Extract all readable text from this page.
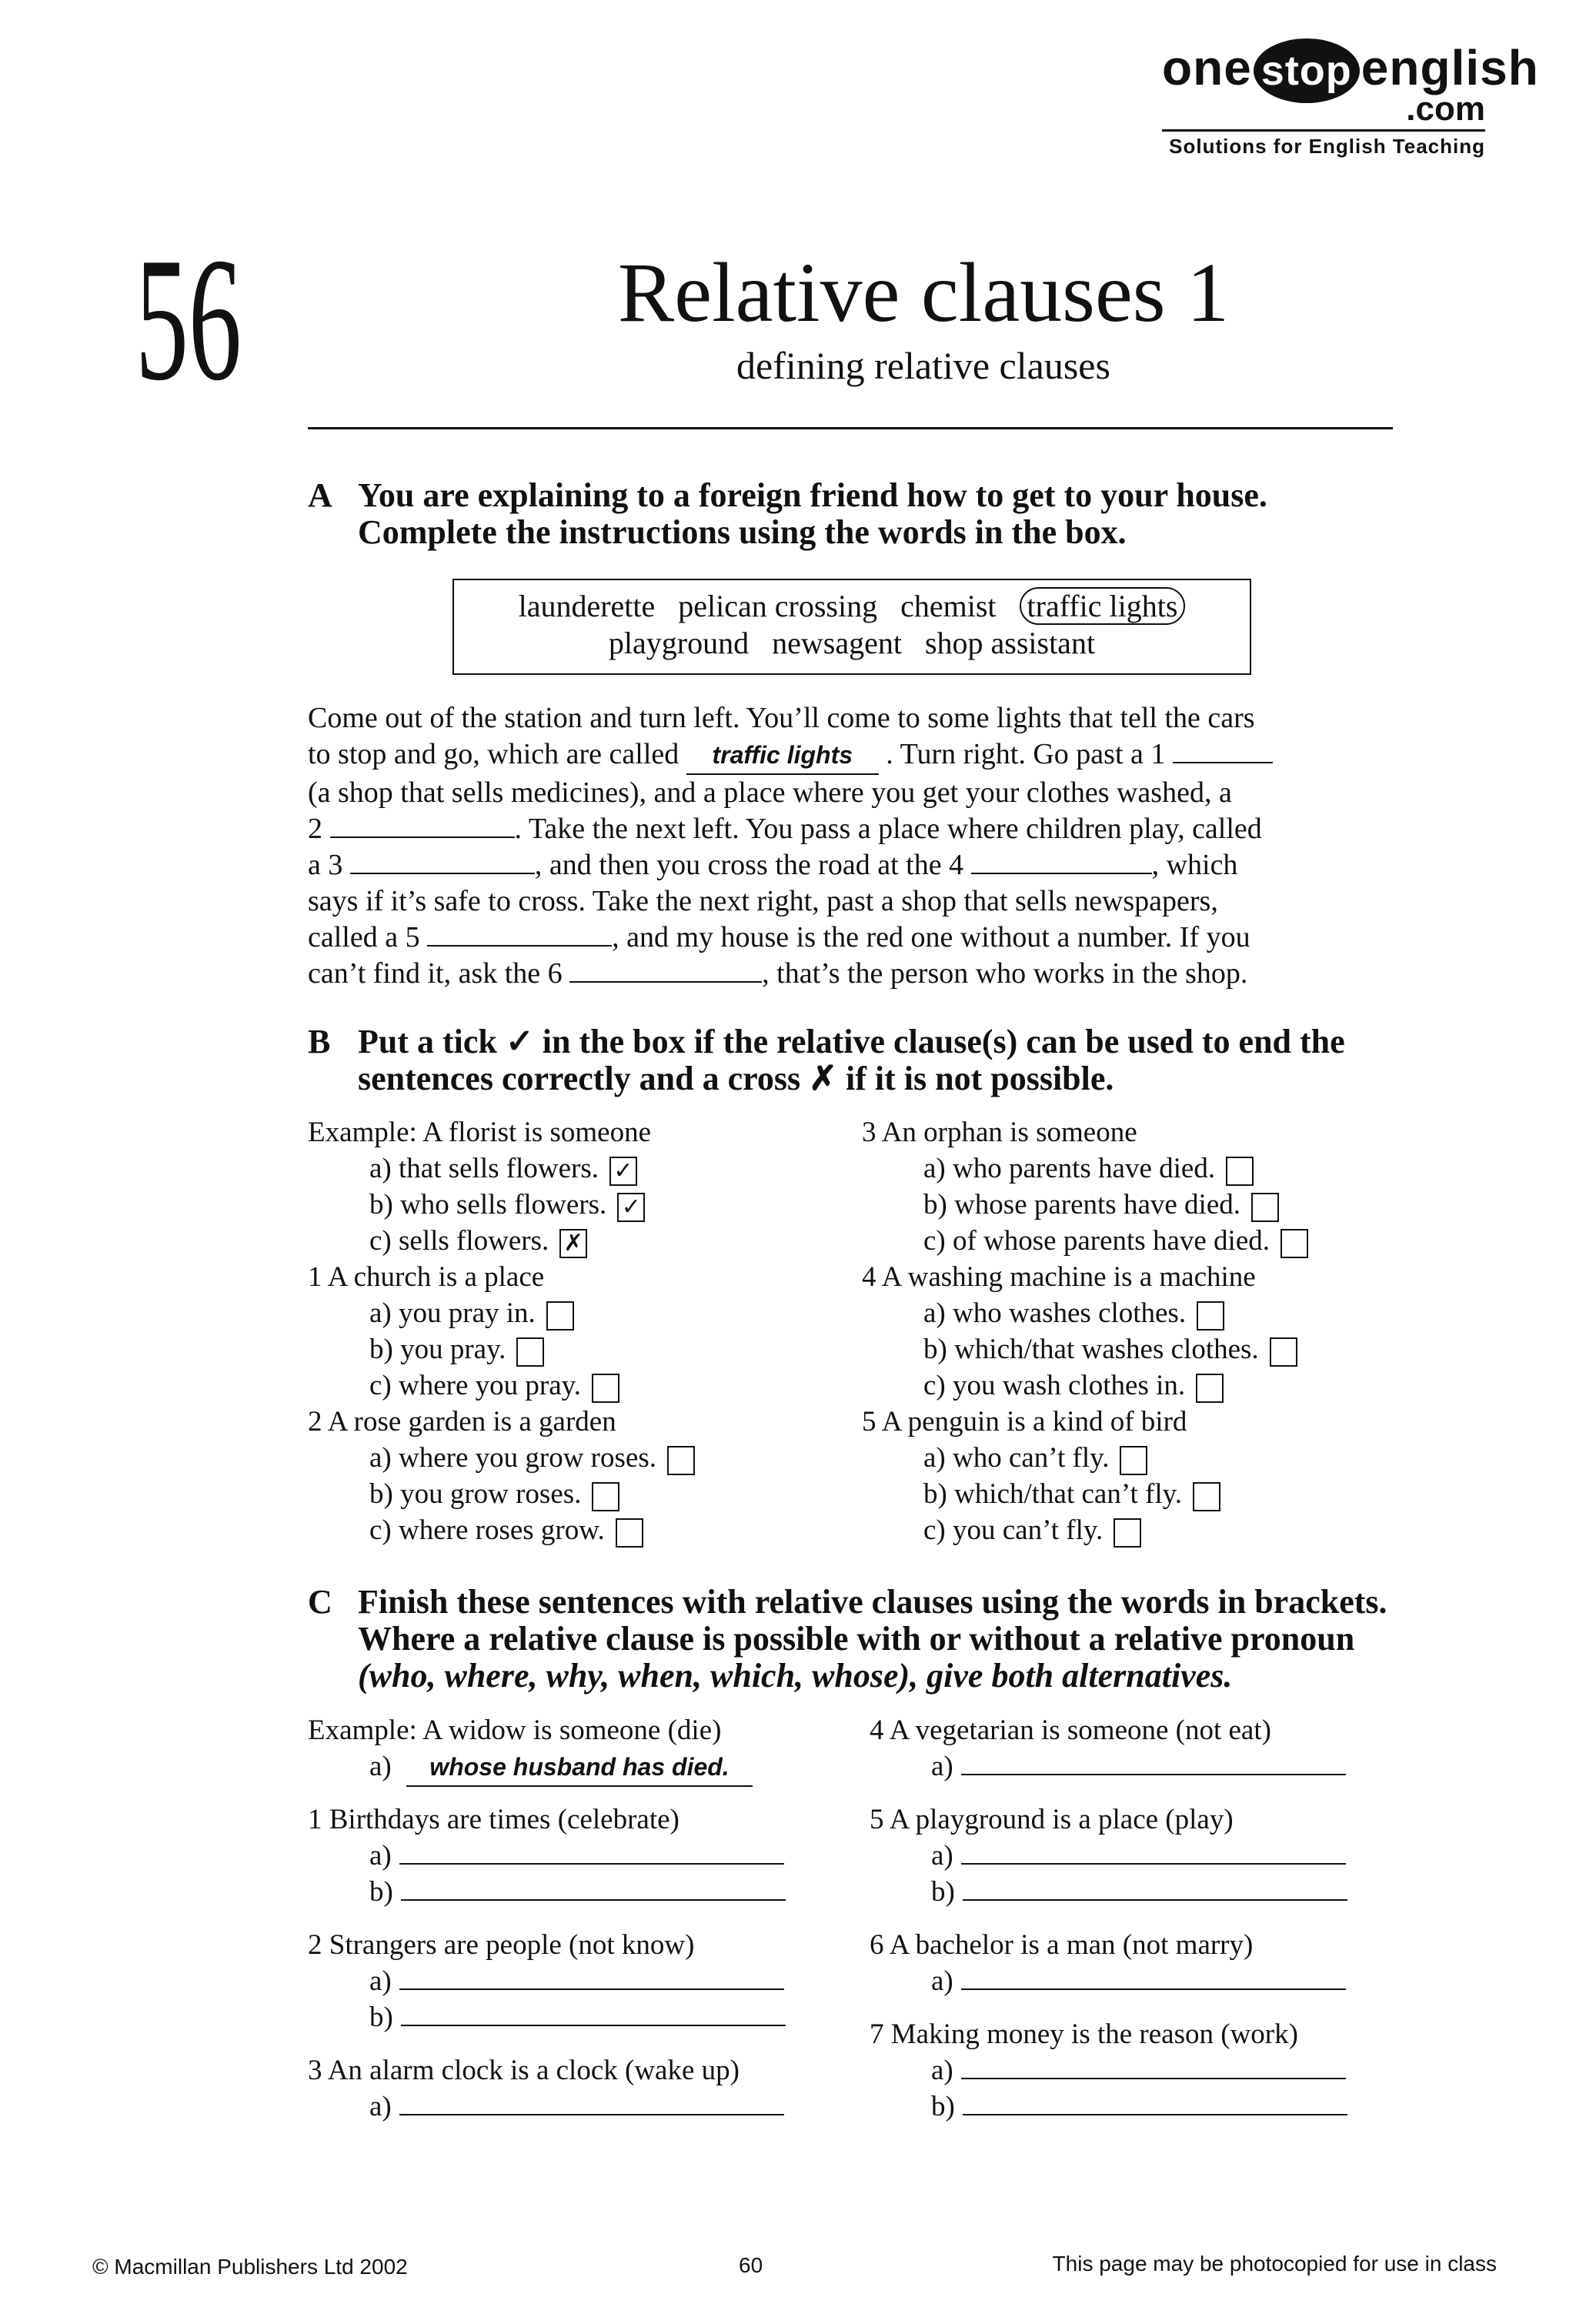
one stop english
.com
Solutions for English Teaching
56	Relative clauses 1
defining relative clauses
A You are explaining to a foreign friend how to get to your house.
Complete the instructions using the words in the box.
launderette pelican crossing chemist traffic lights
playground newsagent shop assistant
Come out of the station and turn left. You’ll come to some lights that tell the cars
to stop and go, which are called traffic lights . Turn right. Go past a 1
(a shop that sells medicines), and a place where you get your clothes washed, a
2	. Take the next left. You pass a place where children play, called
a 3	, and then you cross the road at the 4	, which
says if it’s safe to cross. Take the next right, past a shop that sells newspapers,
called a 5	, and my house is the red one without a number. If you
can’t find it, ask the 6	, that’s the person who works in the shop.
B Put a tick ✓ in the box if the relative clause(s) can be used to end the
sentences correctly and a cross ✗ if it is not possible.
Example: A florist is someone
a) that sells flowers. ✓
b) who sells flowers. ✓
c) sells flowers. ✗
1 A church is a place
a) you pray in.
b) you pray.
c) where you pray.
2 A rose garden is a garden
a) where you grow roses.
b) you grow roses.
c) where roses grow.
3 An orphan is someone
a) who parents have died.
b) whose parents have died.
c) of whose parents have died.
4 A washing machine is a machine
a) who washes clothes.
b) which/that washes clothes.
c) you wash clothes in.
5 A penguin is a kind of bird
a) who can’t fly.
b) which/that can’t fly.
c) you can’t fly.
C Finish these sentences with relative clauses using the words in brackets.
Where a relative clause is possible with or without a relative pronoun
(who, where, why, when, which, whose), give both alternatives.
Example: A widow is someone (die)
a) whose husband has died.
1 Birthdays are times (celebrate)
a)
b)
2 Strangers are people (not know)
a)
b)
3 An alarm clock is a clock (wake up)
a)
4 A vegetarian is someone (not eat)
a)
5 A playground is a place (play)
a)
b)
6 A bachelor is a man (not marry)
a)
7 Making money is the reason (work)
a)
b)
© Macmillan Publishers Ltd 2002	60	This page may be photocopied for use in class
